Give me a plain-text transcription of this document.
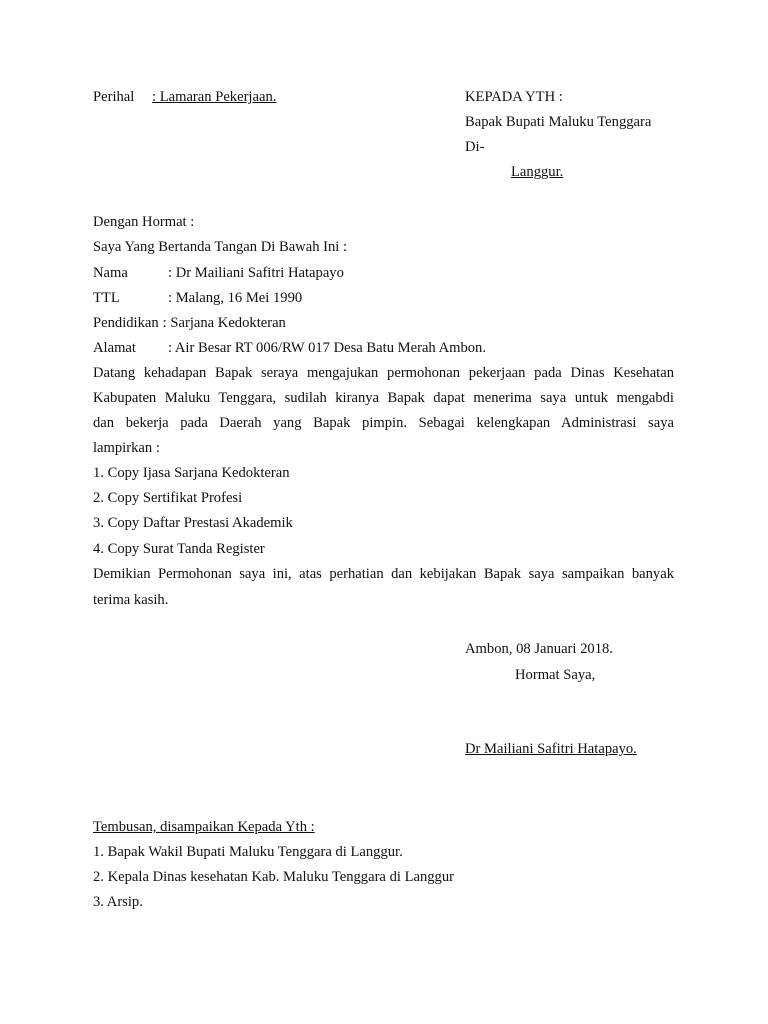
Perihal : Lamaran Pekerjaan.	KEPADA YTH :
Bapak Bupati Maluku Tenggara
Di-
Langgur.
Dengan Hormat :
Saya Yang Bertanda Tangan Di Bawah Ini :
Nama	: Dr Mailiani Safitri Hatapayo
TTL	: Malang, 16 Mei 1990
Pendidikan : Sarjana Kedokteran
Alamat : Air Besar RT 006/RW 017 Desa Batu Merah Ambon.
Datang kehadapan Bapak seraya mengajukan permohonan pekerjaan pada Dinas Kesehatan
Kabupaten Maluku Tenggara, sudilah kiranya Bapak dapat menerima saya untuk mengabdi
dan bekerja pada Daerah yang Bapak pimpin. Sebagai kelengkapan Administrasi saya
lampirkan :
1. Copy Ijasa Sarjana Kedokteran
2. Copy Sertifikat Profesi
3. Copy Daftar Prestasi Akademik
4. Copy Surat Tanda Register
Demikian Permohonan saya ini, atas perhatian dan kebijakan Bapak saya sampaikan banyak
terima kasih.
Ambon, 08 Januari 2018.
Hormat Saya,
Dr Mailiani Safitri Hatapayo.
Tembusan, disampaikan Kepada Yth :
1. Bapak Wakil Bupati Maluku Tenggara di Langgur.
2. Kepala Dinas kesehatan Kab. Maluku Tenggara di Langgur
3. Arsip.
